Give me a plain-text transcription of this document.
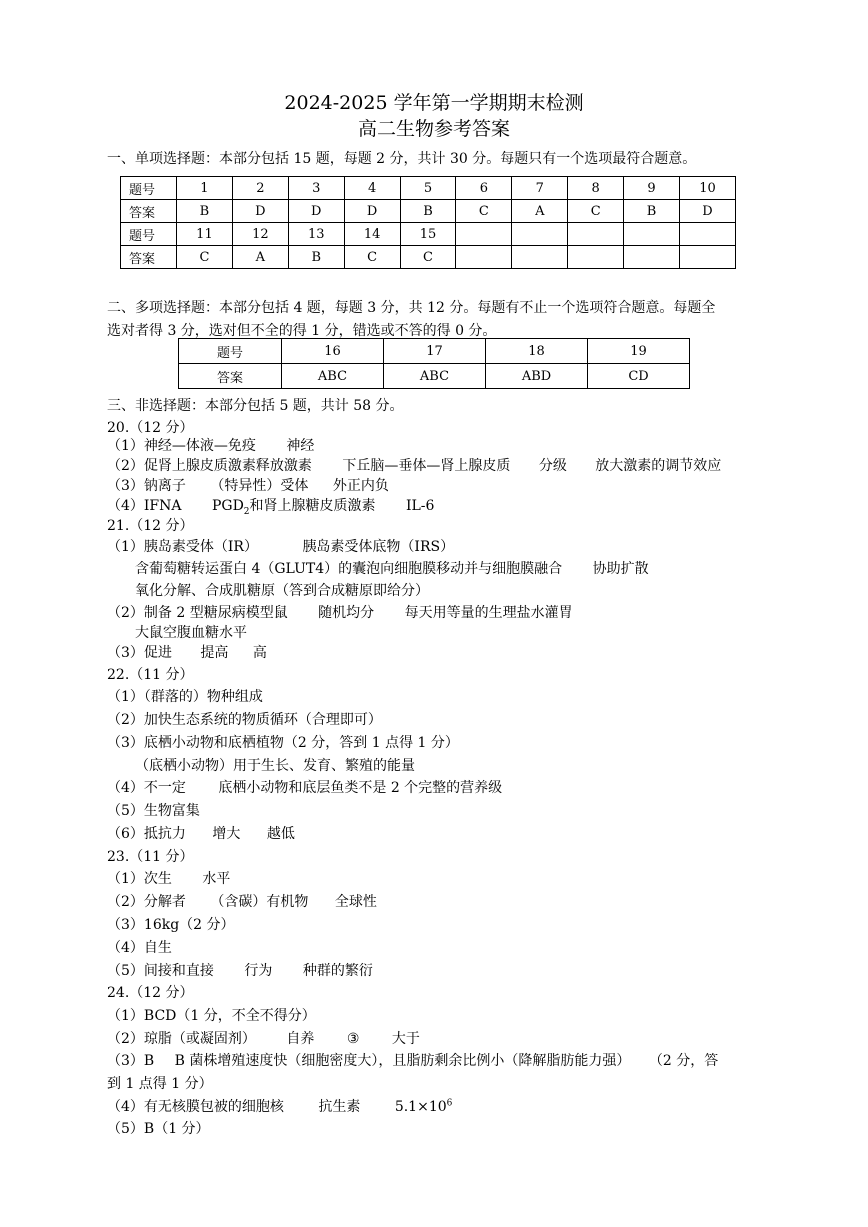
2024-2025 学年第一学期期末检测
高二生物参考答案
一、单项选择题：本部分包括 15 题，每题 2 分，共计 30 分。每题只有一个选项最符合题意。
题号	1	2	3	4	5	6	7	8	9	10
答案	B	D	D	D	B	C	A	C	B	D
题号	11	12	13	14	15					
答案	C	A	B	C	C					
二、多项选择题：本部分包括 4 题，每题 3 分，共 12 分。每题有不止一个选项符合题意。每题全
选对者得 3 分，选对但不全的得 1 分，错选或不答的得 0 分。
题号	16	17	18	19
答案	ABC	ABC	ABD	CD
三、非选择题：本部分包括 5 题，共计 58 分。
20.（12 分）
（1）神经—体液—免疫 神经
（2）促肾上腺皮质激素释放激素 下丘脑—垂体—肾上腺皮质 分级 放大激素的调节效应
（3）钠离子 （特异性）受体 外正内负
（4）IFNA $PGD_2$和肾上腺糖皮质激素 IL-6
21.（12 分）
（1）胰岛素受体（IR）	胰岛素受体底物（IRS）
含葡萄糖转运蛋白 4（GLUT4）的囊泡向细胞膜移动并与细胞膜融合 协助扩散
氧化分解、合成肌糖原（答到合成糖原即给分）
（2）制备 2 型糖尿病模型鼠 随机均分 每天用等量的生理盐水灌胃
大鼠空腹血糖水平
（3）促进 提高 高
22.（11 分）
（1）（群落的）物种组成
（2）加快生态系统的物质循环（合理即可）
（3）底栖小动物和底栖植物（2 分，答到 1 点得 1 分）
（底栖小动物）用于生长、发育、繁殖的能量
（4）不一定 底栖小动物和底层鱼类不是 2 个完整的营养级
（5）生物富集
（6）抵抗力 增大 越低
23.（11 分）
（1）次生 水平
（2）分解者 （含碳）有机物 全球性
（3）16kg（2 分）
（4）自生
（5）间接和直接 行为 种群的繁衍
24.（12 分）
（1）BCD（1 分，不全不得分）
（2）琼脂（或凝固剂） 自养 ③ 大于
（3）B B 菌株增殖速度快（细胞密度大），且脂肪剩余比例小（降解脂肪能力强） （2 分，答
到 1 点得 1 分）
（4）有无核膜包被的细胞核 抗生素 $5.1\times 10^6$
（5）B（1 分）
